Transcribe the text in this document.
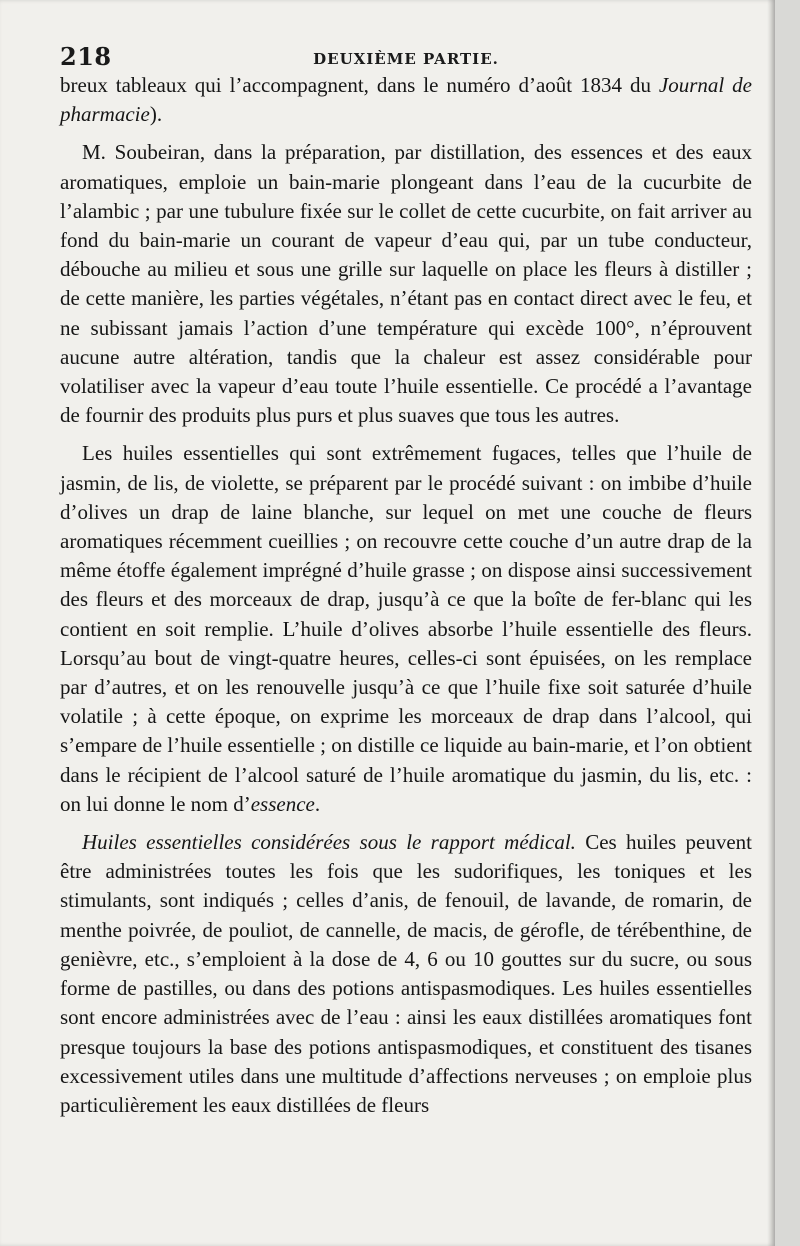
218	DEUXIÈME PARTIE.

breux tableaux qui l’accompagnent, dans le numéro d’août 1834 du Journal de pharmacie).

M. Soubeiran, dans la préparation, par distillation, des essences et des eaux aromatiques, emploie un bain-marie plongeant dans l’eau de la cucurbite de l’alambic ; par une tubulure fixée sur le collet de cette cucurbite, on fait arriver au fond du bain-marie un courant de vapeur d’eau qui, par un tube conducteur, débouche au milieu et sous une grille sur laquelle on place les fleurs à distiller ; de cette manière, les parties végétales, n’étant pas en contact direct avec le feu, et ne subissant jamais l’action d’une température qui excède 100°, n’éprouvent aucune autre altération, tandis que la chaleur est assez considérable pour volatiliser avec la vapeur d’eau toute l’huile essentielle. Ce procédé a l’avantage de fournir des produits plus purs et plus suaves que tous les autres.

Les huiles essentielles qui sont extrêmement fugaces, telles que l’huile de jasmin, de lis, de violette, se préparent par le procédé suivant : on imbibe d’huile d’olives un drap de laine blanche, sur lequel on met une couche de fleurs aromatiques récemment cueillies ; on recouvre cette couche d’un autre drap de la même étoffe également imprégné d’huile grasse ; on dispose ainsi successivement des fleurs et des morceaux de drap, jusqu’à ce que la boîte de fer-blanc qui les contient en soit remplie. L’huile d’olives absorbe l’huile essentielle des fleurs. Lorsqu’au bout de vingt-quatre heures, celles-ci sont épuisées, on les remplace par d’autres, et on les renouvelle jusqu’à ce que l’huile fixe soit saturée d’huile volatile ; à cette époque, on exprime les morceaux de drap dans l’alcool, qui s’empare de l’huile essentielle ; on distille ce liquide au bain-marie, et l’on obtient dans le récipient de l’alcool saturé de l’huile aromatique du jasmin, du lis, etc. : on lui donne le nom d’essence.

Huiles essentielles considérées sous le rapport médical. Ces huiles peuvent être administrées toutes les fois que les sudorifiques, les toniques et les stimulants, sont indiqués ; celles d’anis, de fenouil, de lavande, de romarin, de menthe poivrée, de pouliot, de cannelle, de macis, de gérofle, de térébenthine, de genièvre, etc., s’emploient à la dose de 4, 6 ou 10 gouttes sur du sucre, ou sous forme de pastilles, ou dans des potions antispasmodiques. Les huiles essentielles sont encore administrées avec de l’eau : ainsi les eaux distillées aromatiques font presque toujours la base des potions antispasmodiques, et constituent des tisanes excessivement utiles dans une multitude d’affections nerveuses ; on emploie plus particulièrement les eaux distillées de fleurs
